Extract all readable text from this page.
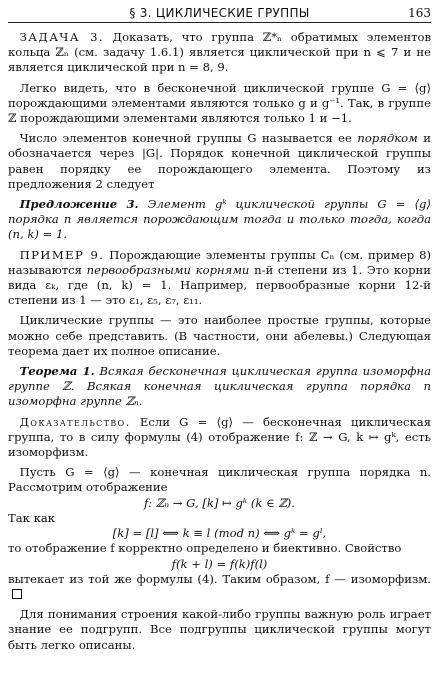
§ 3. ЦИКЛИЧЕСКИЕ ГРУППЫ	163

 ЗАДАЧА 3. Доказать, что группа ℤ*ₙ обратимых элементов кольца ℤₙ (см. задачу 1.6.1) является циклической при n ⩽ 7 и не является циклической при n = 8, 9.

 Легко видеть, что в бесконечной циклической группе G = ⟨g⟩ порождающими элементами являются только g и g⁻¹. Так, в группе ℤ порождающими элементами являются только 1 и −1.

 Число элементов конечной группы G называется ее порядком и обозначается через |G|. Порядок конечной циклической группы равен порядку ее порождающего элемента. Поэтому из предложения 2 следует

 Предложение 3. Элемент gᵏ циклической группы G = ⟨g⟩ порядка n является порождающим тогда и только тогда, когда (n, k) = 1.

 ПРИМЕР 9. Порождающие элементы группы Cₙ (см. пример 8) называются первообразными корнями n-й степени из 1. Это корни вида εₖ, где (n, k) = 1. Например, первообразные корни 12-й степени из 1 — это ε₁, ε₅, ε₇, ε₁₁.

 Циклические группы — это наиболее простые группы, которые можно себе представить. (В частности, они абелевы.) Следующая теорема дает их полное описание.

 Теорема 1. Всякая бесконечная циклическая группа изоморфна группе ℤ. Всякая конечная циклическая группа порядка n изоморфна группе ℤₙ.

 Доказательство. Если G = ⟨g⟩ — бесконечная циклическая группа, то в силу формулы (4) отображение f: ℤ → G, k ↦ gᵏ, есть изоморфизм.

 Пусть G = ⟨g⟩ — конечная циклическая группа порядка n. Рассмотрим отображение

f: ℤₙ → G, [k] ↦ gᵏ (k ∈ ℤ).

Так как

[k] = [l] ⟺ k ≡ l (mod n) ⟺ gᵏ = gˡ,

то отображение f корректно определено и биективно. Свойство

f(k + l) = f(k)f(l)

вытекает из той же формулы (4). Таким образом, f — изоморфизм.

 Для понимания строения какой-либо группы важную роль играет знание ее подгрупп. Все подгруппы циклической группы могут быть легко описаны.
